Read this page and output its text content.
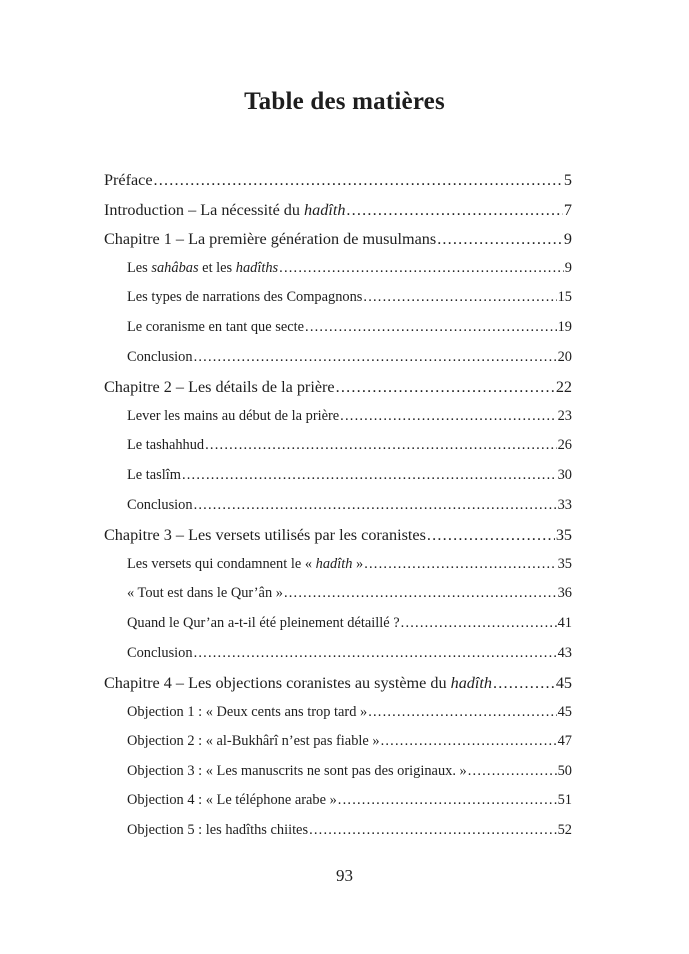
Table des matières
Préface .....	5
Introduction – La nécessité du hadîth .....	7
Chapitre 1 – La première génération de musulmans .....	9
Les sahâbas et les hadîths .....	9
Les types de narrations des Compagnons .....	15
Le coranisme en tant que secte .....	19
Conclusion .....	20
Chapitre 2 – Les détails de la prière .....	22
Lever les mains au début de la prière .....	23
Le tashahhud .....	26
Le taslîm .....	30
Conclusion .....	33
Chapitre 3 – Les versets utilisés par les coranistes .....	35
Les versets qui condamnent le « hadîth » .....	35
« Tout est dans le Qur’ân » .....	36
Quand le Qur’an a-t-il été pleinement détaillé ? .....	41
Conclusion .....	43
Chapitre 4 – Les objections coranistes au système du hadîth .....	45
Objection 1 : « Deux cents ans trop tard » .....	45
Objection 2 : « al-Bukhârî n’est pas fiable » .....	47
Objection 3 : « Les manuscrits ne sont pas des originaux. » .....	50
Objection 4 : « Le téléphone arabe » .....	51
Objection 5 : les hadîths chiites .....	52
93
